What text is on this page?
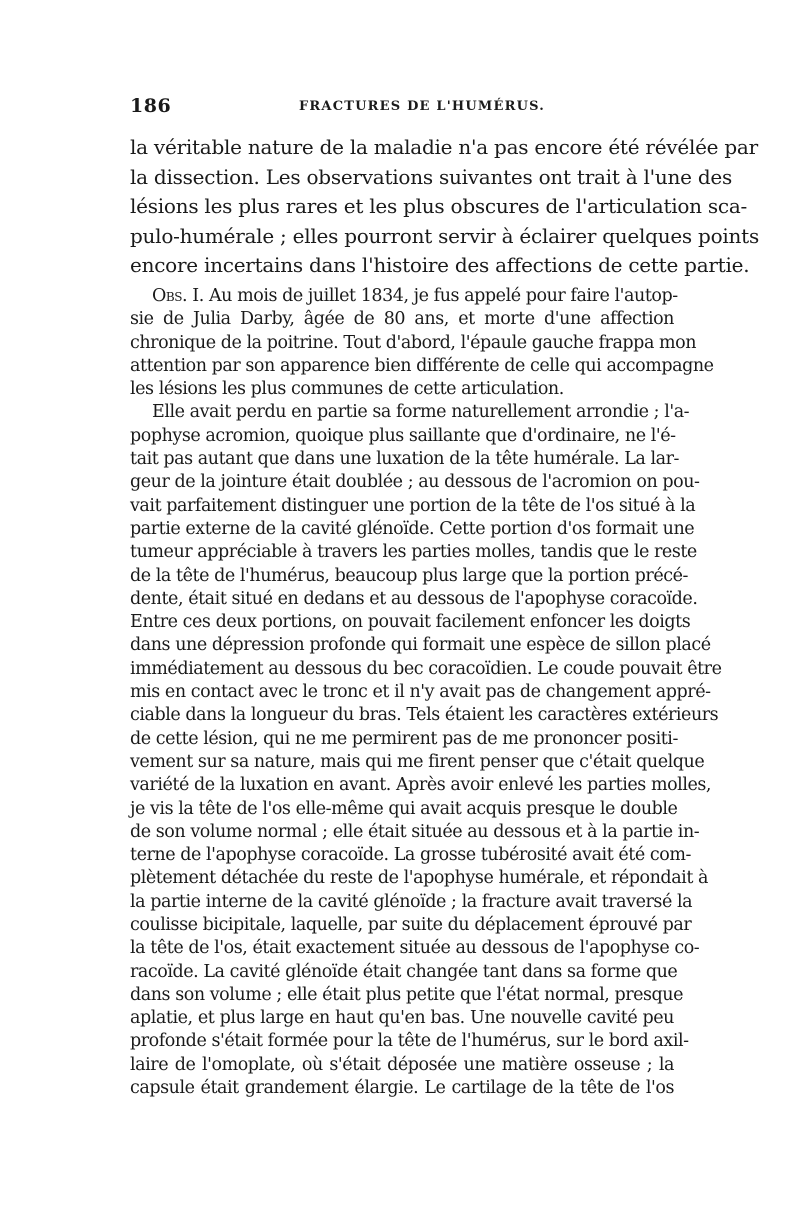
186	FRACTURES DE L'HUMÉRUS.
la véritable nature de la maladie n'a pas encore été révélée par
la dissection. Les observations suivantes ont trait à l'une des
lésions les plus rares et les plus obscures de l'articulation sca-
pulo-humérale ; elles pourront servir à éclairer quelques points
encore incertains dans l'histoire des affections de cette partie.
Obs. I. Au mois de juillet 1834, je fus appelé pour faire l'autop-
sie de Julia Darby, âgée de 80 ans, et morte d'une affection
chronique de la poitrine. Tout d'abord, l'épaule gauche frappa mon
attention par son apparence bien différente de celle qui accompagne
les lésions les plus communes de cette articulation.
Elle avait perdu en partie sa forme naturellement arrondie ; l'a-
pophyse acromion, quoique plus saillante que d'ordinaire, ne l'é-
tait pas autant que dans une luxation de la tête humérale. La lar-
geur de la jointure était doublée ; au dessous de l'acromion on pou-
vait parfaitement distinguer une portion de la tête de l'os situé à la
partie externe de la cavité glénoïde. Cette portion d'os formait une
tumeur appréciable à travers les parties molles, tandis que le reste
de la tête de l'humérus, beaucoup plus large que la portion précé-
dente, était situé en dedans et au dessous de l'apophyse coracoïde.
Entre ces deux portions, on pouvait facilement enfoncer les doigts
dans une dépression profonde qui formait une espèce de sillon placé
immédiatement au dessous du bec coracoïdien. Le coude pouvait être
mis en contact avec le tronc et il n'y avait pas de changement appré-
ciable dans la longueur du bras. Tels étaient les caractères extérieurs
de cette lésion, qui ne me permirent pas de me prononcer positi-
vement sur sa nature, mais qui me firent penser que c'était quelque
variété de la luxation en avant. Après avoir enlevé les parties molles,
je vis la tête de l'os elle-même qui avait acquis presque le double
de son volume normal ; elle était située au dessous et à la partie in-
terne de l'apophyse coracoïde. La grosse tubérosité avait été com-
plètement détachée du reste de l'apophyse humérale, et répondait à
la partie interne de la cavité glénoïde ; la fracture avait traversé la
coulisse bicipitale, laquelle, par suite du déplacement éprouvé par
la tête de l'os, était exactement située au dessous de l'apophyse co-
racoïde. La cavité glénoïde était changée tant dans sa forme que
dans son volume ; elle était plus petite que l'état normal, presque
aplatie, et plus large en haut qu'en bas. Une nouvelle cavité peu
profonde s'était formée pour la tête de l'humérus, sur le bord axil-
laire de l'omoplate, où s'était déposée une matière osseuse ; la
capsule était grandement élargie. Le cartilage de la tête de l'os
